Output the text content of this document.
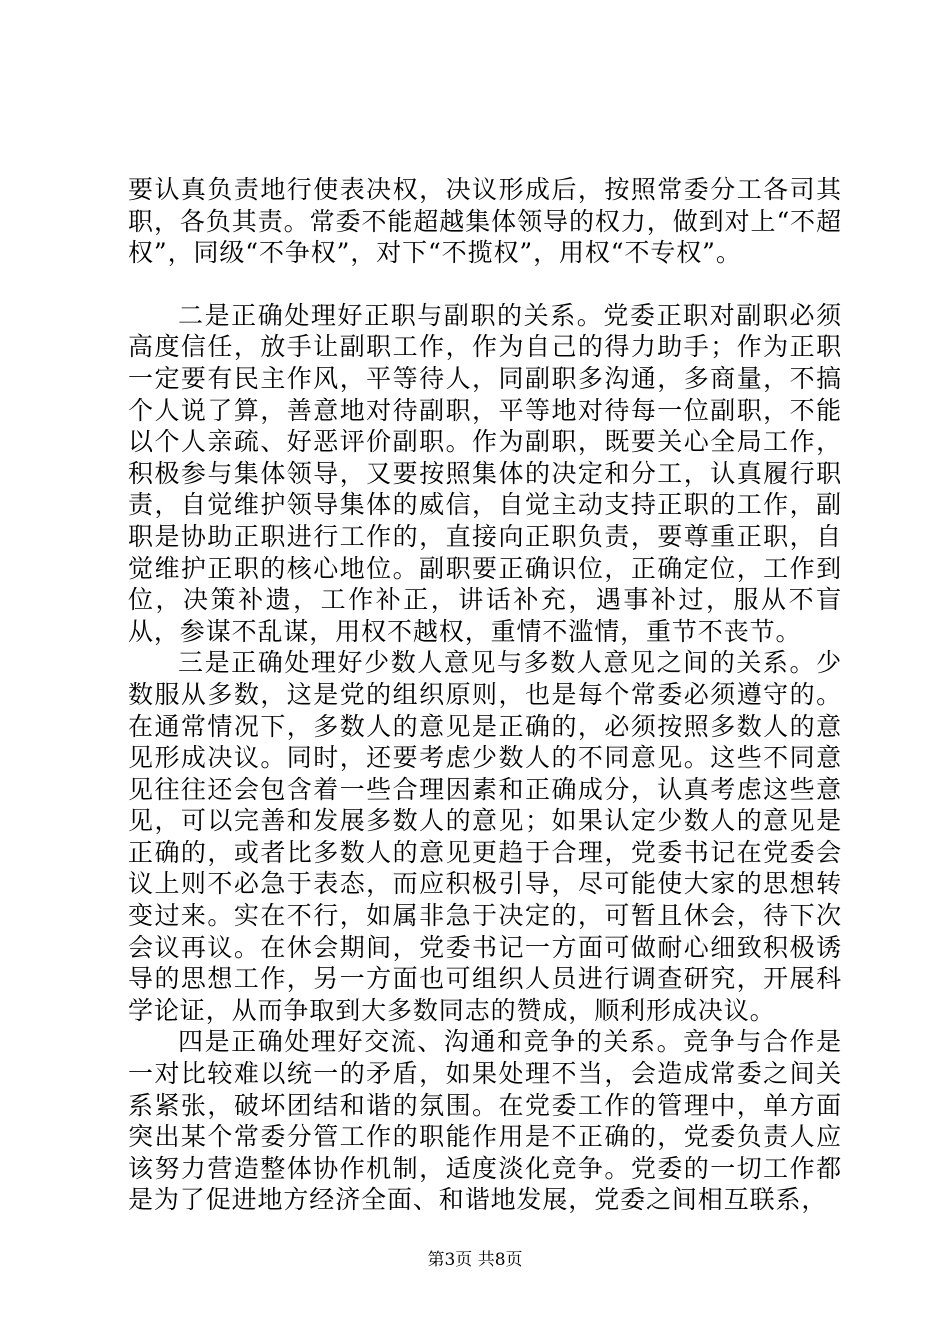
要认真负责地行使表决权，决议形成后，按照常委分工各司其职，各负其责。常委不能超越集体领导的权力，做到对上“不超权”，同级“不争权”，对下“不揽权”，用权“不专权”。

二是正确处理好正职与副职的关系。党委正职对副职必须高度信任，放手让副职工作，作为自己的得力助手；作为正职一定要有民主作风，平等待人，同副职多沟通，多商量，不搞个人说了算，善意地对待副职，平等地对待每一位副职，不能以个人亲疏、好恶评价副职。作为副职，既要关心全局工作，积极参与集体领导，又要按照集体的决定和分工，认真履行职责，自觉维护领导集体的威信，自觉主动支持正职的工作，副职是协助正职进行工作的，直接向正职负责，要尊重正职，自觉维护正职的核心地位。副职要正确识位，正确定位，工作到位，决策补遗，工作补正，讲话补充，遇事补过，服从不盲从，参谋不乱谋，用权不越权，重情不滥情，重节不丧节。

三是正确处理好少数人意见与多数人意见之间的关系。少数服从多数，这是党的组织原则，也是每个常委必须遵守的。在通常情况下，多数人的意见是正确的，必须按照多数人的意见形成决议。同时，还要考虑少数人的不同意见。这些不同意见往往还会包含着一些合理因素和正确成分，认真考虑这些意见，可以完善和发展多数人的意见；如果认定少数人的意见是正确的，或者比多数人的意见更趋于合理，党委书记在党委会议上则不必急于表态，而应积极引导，尽可能使大家的思想转变过来。实在不行，如属非急于决定的，可暂且休会，待下次会议再议。在休会期间，党委书记一方面可做耐心细致积极诱导的思想工作，另一方面也可组织人员进行调查研究，开展科学论证，从而争取到大多数同志的赞成，顺利形成决议。

四是正确处理好交流、沟通和竞争的关系。竞争与合作是一对比较难以统一的矛盾，如果处理不当，会造成常委之间关系紧张，破坏团结和谐的氛围。在党委工作的管理中，单方面突出某个常委分管工作的职能作用是不正确的，党委负责人应该努力营造整体协作机制，适度淡化竞争。党委的一切工作都是为了促进地方经济全面、和谐地发展，党委之间相互联系，

第3页 共8页
